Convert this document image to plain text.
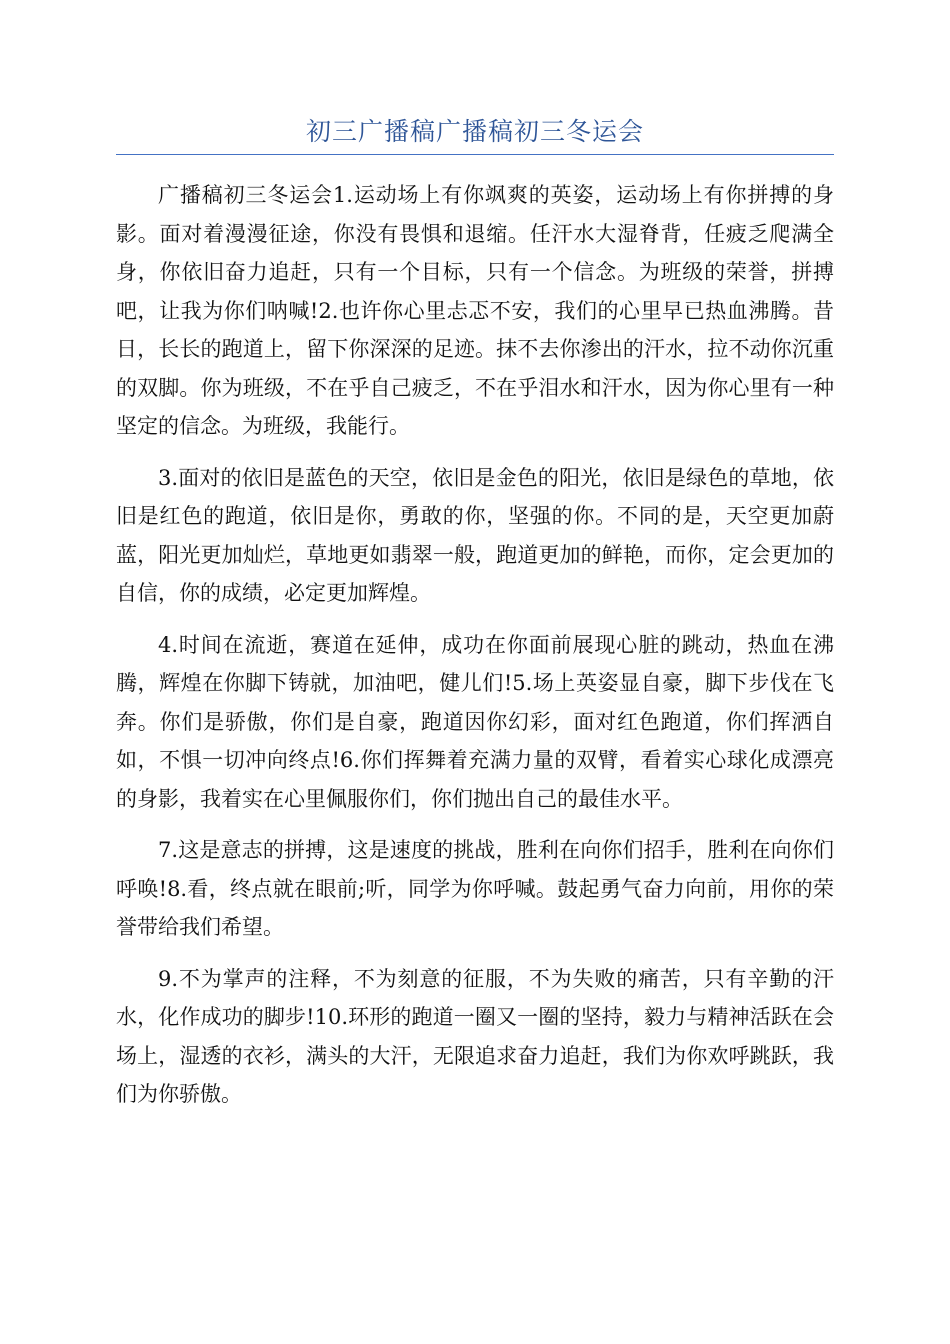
初三广播稿广播稿初三冬运会

广播稿初三冬运会1.运动场上有你飒爽的英姿，运动场上有你拼搏的身影。面对着漫漫征途，你没有畏惧和退缩。任汗水大湿脊背，任疲乏爬满全身，你依旧奋力追赶，只有一个目标，只有一个信念。为班级的荣誉，拼搏吧，让我为你们呐喊!2.也许你心里忐忑不安，我们的心里早已热血沸腾。昔日，长长的跑道上，留下你深深的足迹。抹不去你渗出的汗水，拉不动你沉重的双脚。你为班级，不在乎自己疲乏，不在乎泪水和汗水，因为你心里有一种坚定的信念。为班级，我能行。

3.面对的依旧是蓝色的天空，依旧是金色的阳光，依旧是绿色的草地，依旧是红色的跑道，依旧是你，勇敢的你，坚强的你。不同的是，天空更加蔚蓝，阳光更加灿烂，草地更如翡翠一般，跑道更加的鲜艳，而你，定会更加的自信，你的成绩，必定更加辉煌。

4.时间在流逝，赛道在延伸，成功在你面前展现心脏的跳动，热血在沸腾，辉煌在你脚下铸就，加油吧，健儿们!5.场上英姿显自豪，脚下步伐在飞奔。你们是骄傲，你们是自豪，跑道因你幻彩，面对红色跑道，你们挥洒自如，不惧一切冲向终点!6.你们挥舞着充满力量的双臂，看着实心球化成漂亮的身影，我着实在心里佩服你们，你们抛出自己的最佳水平。

7.这是意志的拼搏，这是速度的挑战，胜利在向你们招手，胜利在向你们呼唤!8.看，终点就在眼前;听，同学为你呼喊。鼓起勇气奋力向前，用你的荣誉带给我们希望。

9.不为掌声的注释，不为刻意的征服，不为失败的痛苦，只有辛勤的汗水，化作成功的脚步!10.环形的跑道一圈又一圈的坚持，毅力与精神活跃在会场上，湿透的衣衫，满头的大汗，无限追求奋力追赶，我们为你欢呼跳跃，我们为你骄傲。
